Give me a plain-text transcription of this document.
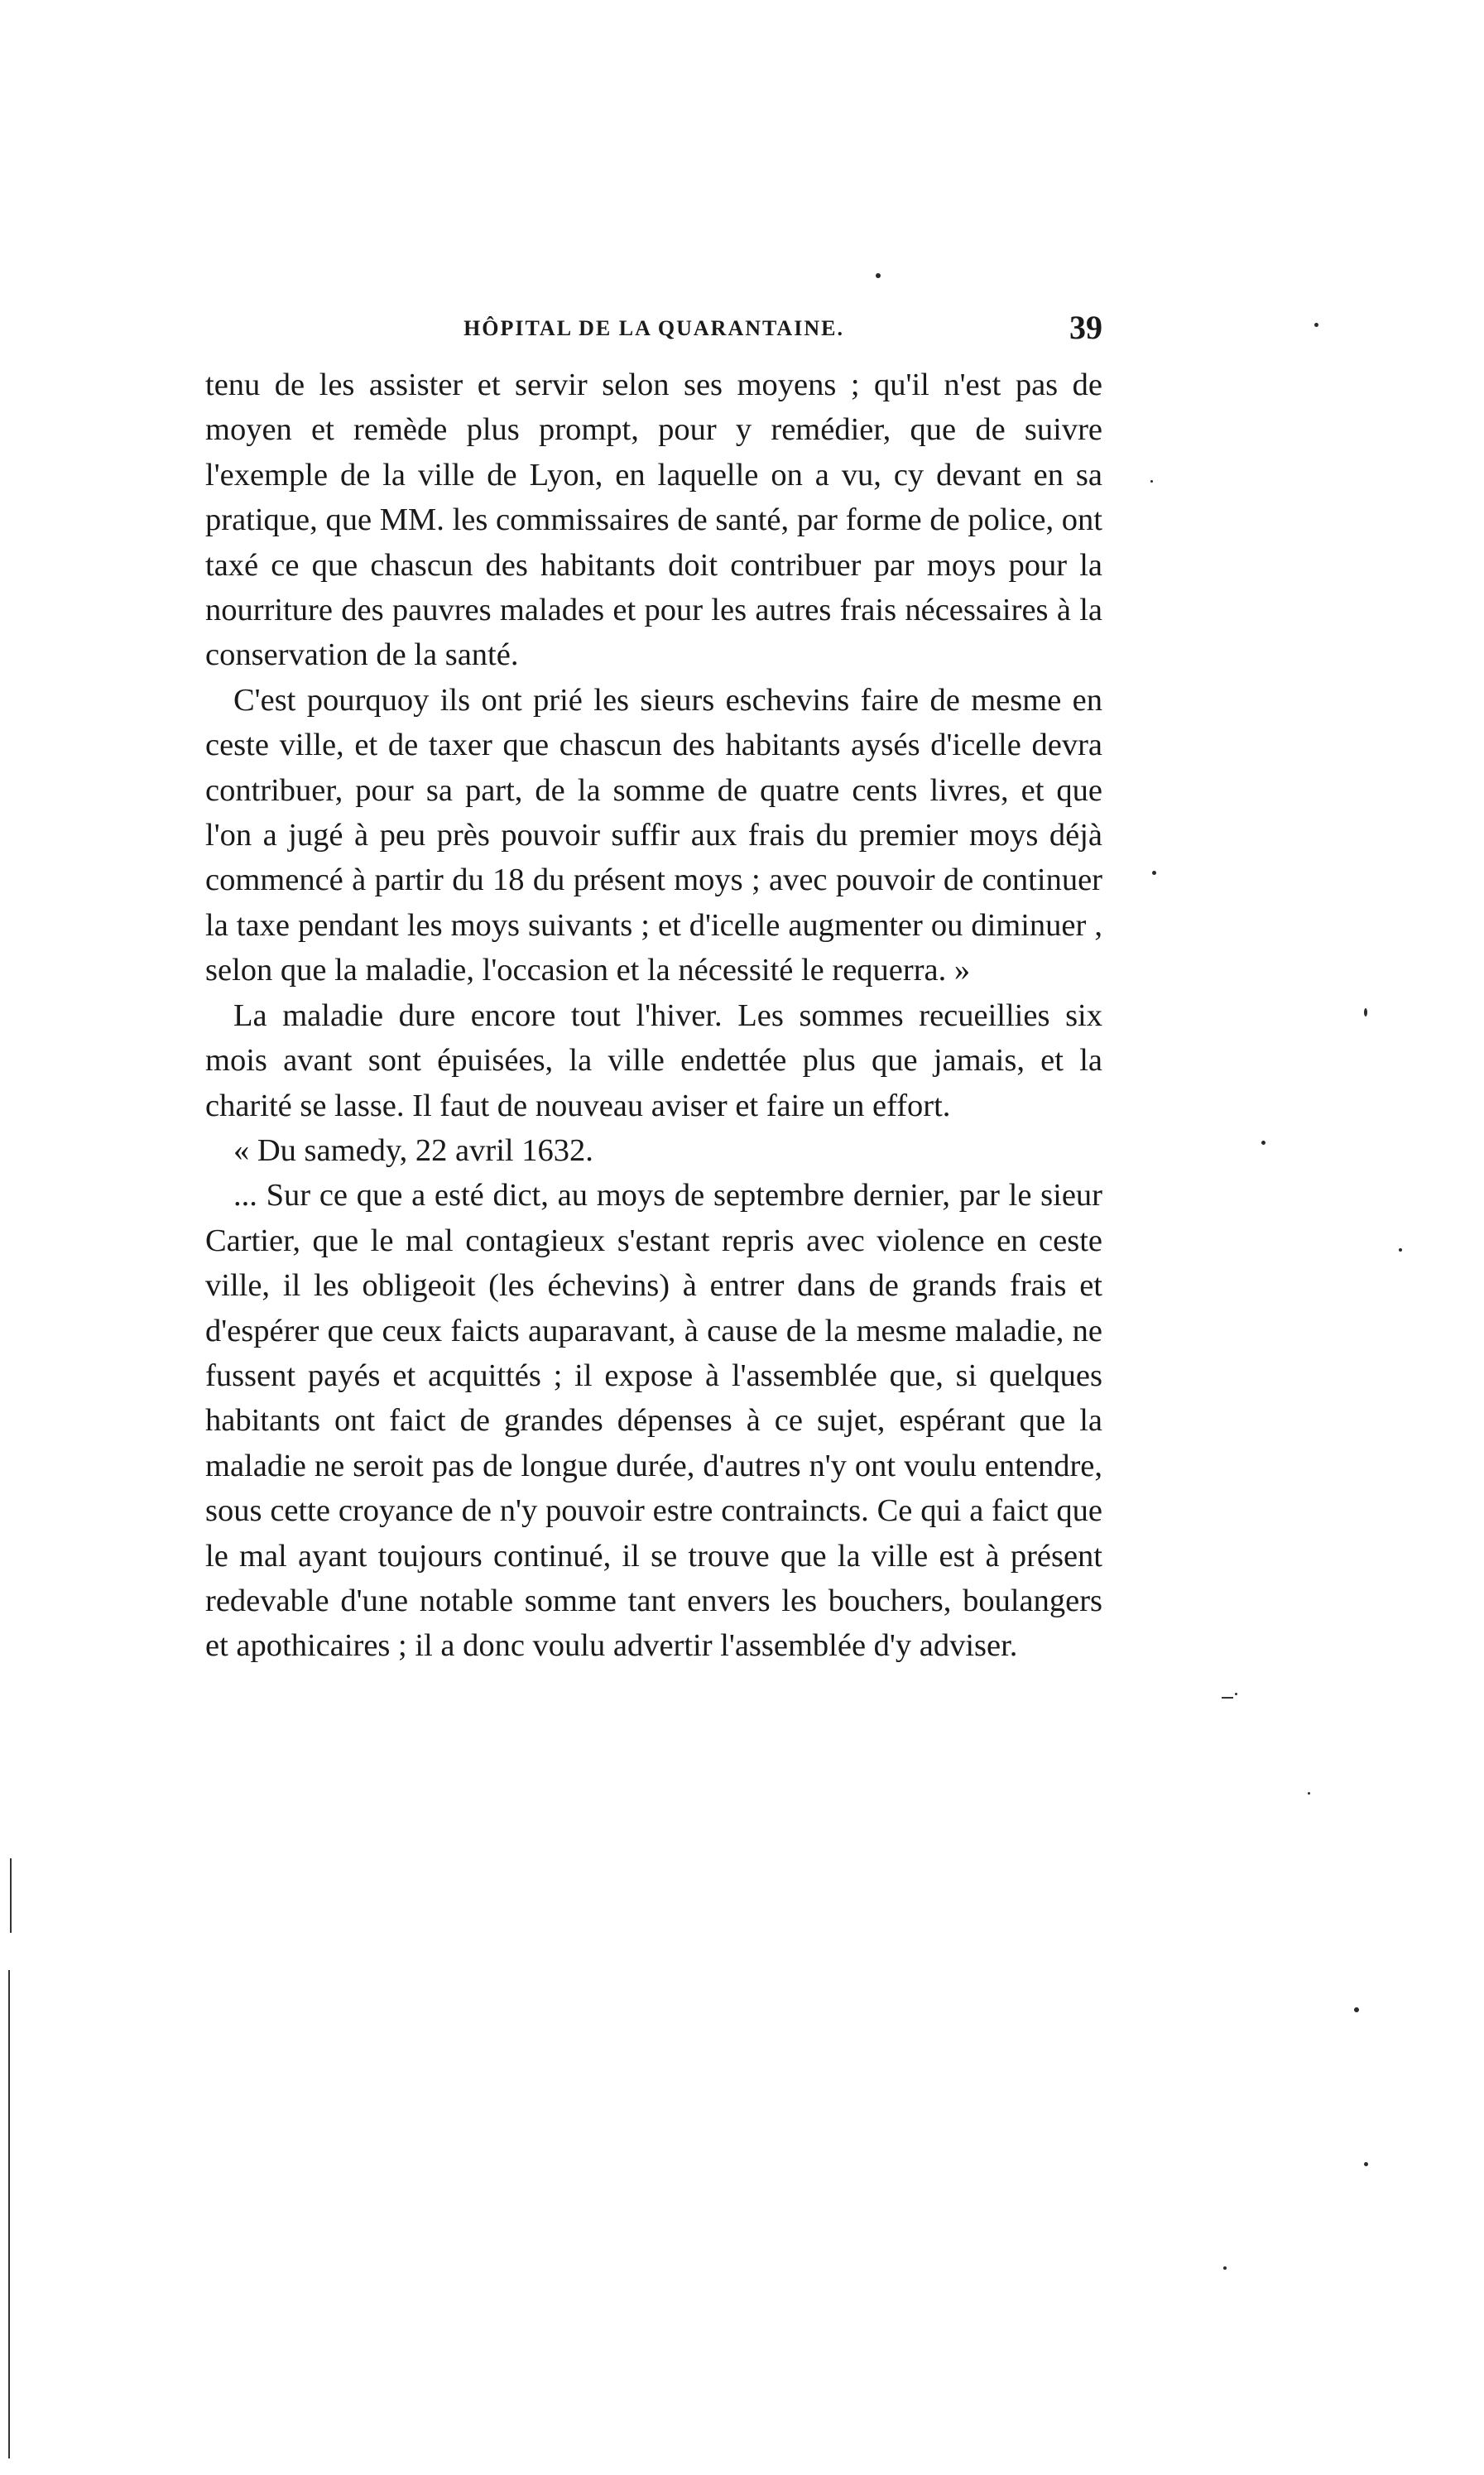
HÔPITAL DE LA QUARANTAINE.	39

tenu de les assister et servir selon ses moyens ; qu'il n'est pas de moyen et remède plus prompt, pour y remédier, que de suivre l'exemple de la ville de Lyon, en laquelle on a vu, cy devant en sa pratique, que MM. les commissaires de santé, par forme de police, ont taxé ce que chascun des habitants doit contribuer par moys pour la nourriture des pauvres malades et pour les autres frais nécessaires à la conservation de la santé.

C'est pourquoy ils ont prié les sieurs eschevins faire de mesme en ceste ville, et de taxer que chascun des habitants aysés d'icelle devra contribuer, pour sa part, de la somme de quatre cents livres, et que l'on a jugé à peu près pouvoir suffir aux frais du premier moys déjà commencé à partir du 18 du présent moys ; avec pouvoir de continuer la taxe pendant les moys suivants ; et d'icelle augmenter ou diminuer , selon que la maladie, l'occasion et la nécessité le requerra. »

La maladie dure encore tout l'hiver. Les sommes recueillies six mois avant sont épuisées, la ville endettée plus que jamais, et la charité se lasse. Il faut de nouveau aviser et faire un effort.

« Du samedy, 22 avril 1632.

... Sur ce que a esté dict, au moys de septembre dernier, par le sieur Cartier, que le mal contagieux s'estant repris avec violence en ceste ville, il les obligeoit (les échevins) à entrer dans de grands frais et d'espérer que ceux faicts auparavant, à cause de la mesme maladie, ne fussent payés et acquittés ; il expose à l'assemblée que, si quelques habitants ont faict de grandes dépenses à ce sujet, espérant que la maladie ne seroit pas de longue durée, d'autres n'y ont voulu entendre, sous cette croyance de n'y pouvoir estre contraincts. Ce qui a faict que le mal ayant toujours continué, il se trouve que la ville est à présent redevable d'une notable somme tant envers les bouchers, boulangers et apothicaires ; il a donc voulu advertir l'assemblée d'y adviser.
